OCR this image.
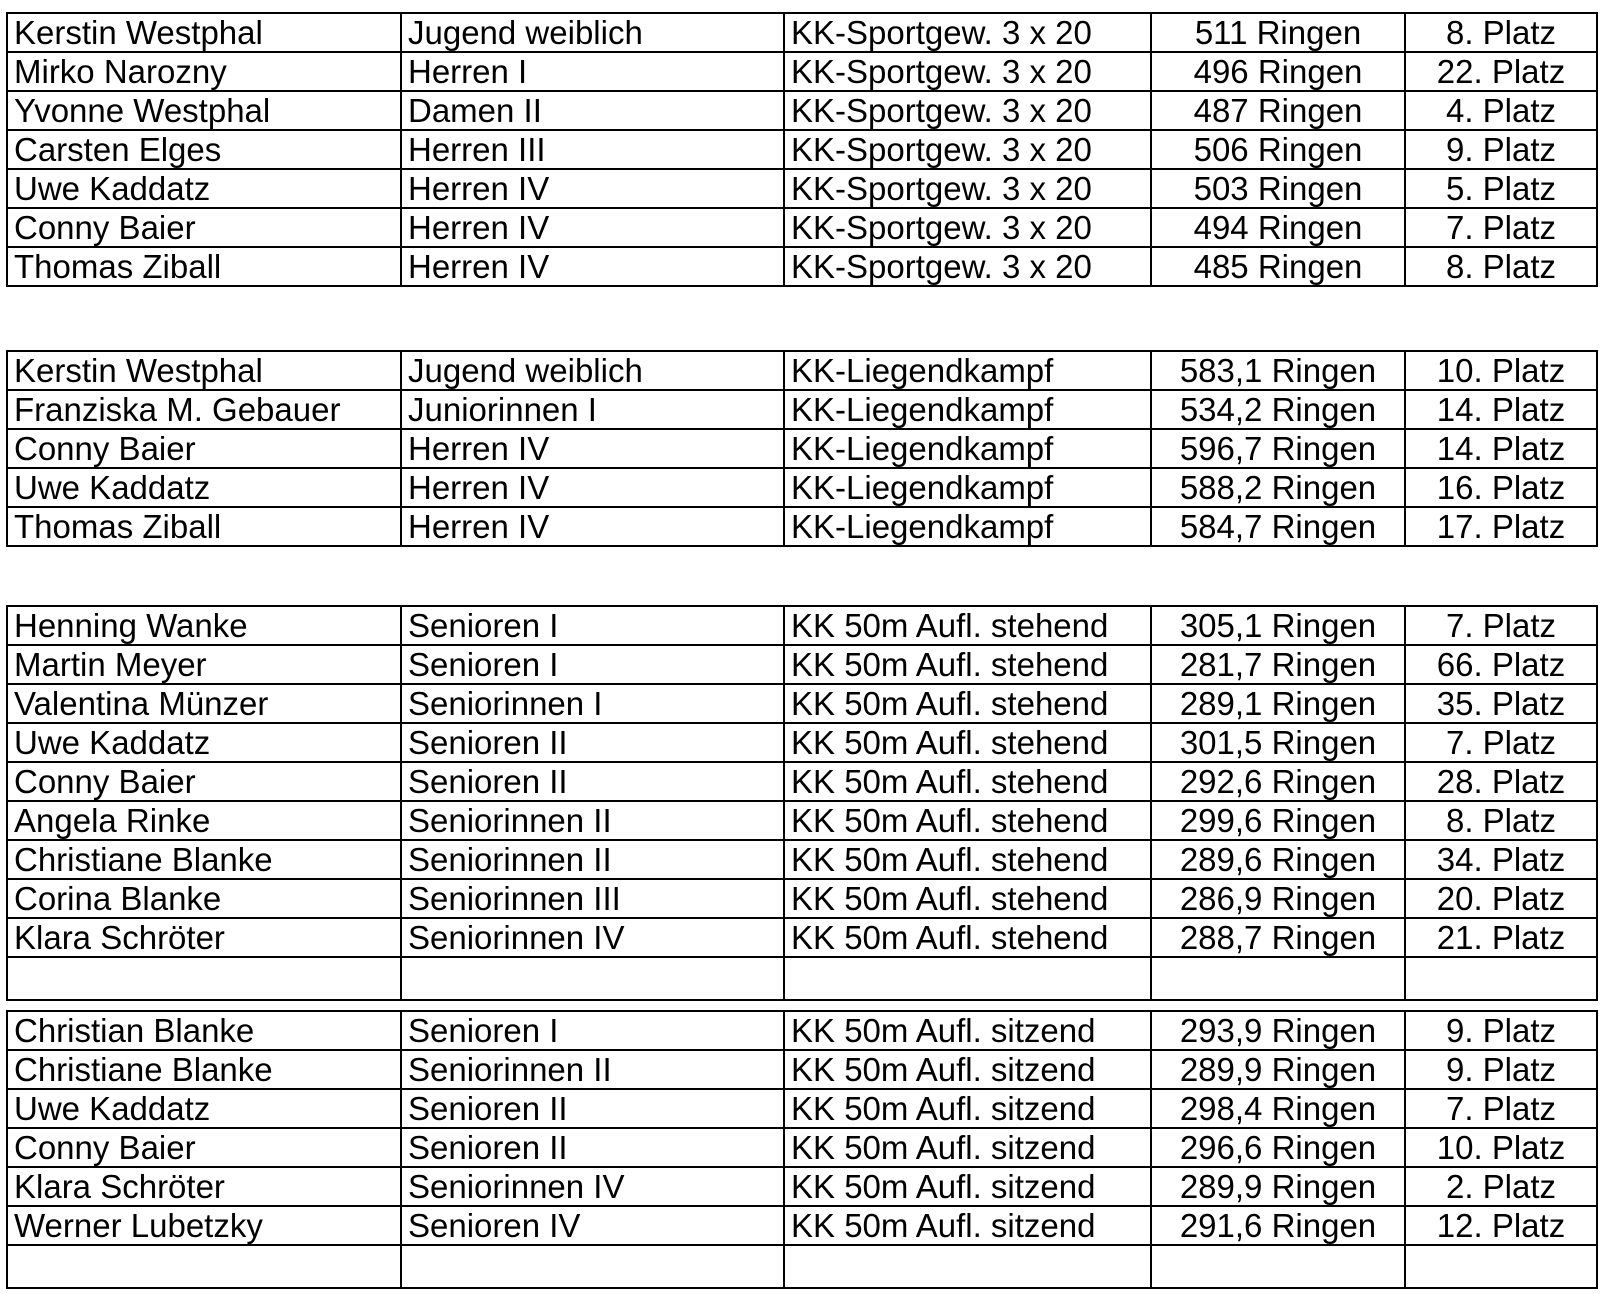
Kerstin Westphal	Jugend weiblich	KK-Sportgew. 3 x 20	511 Ringen	8. Platz
Mirko Narozny	Herren I	KK-Sportgew. 3 x 20	496 Ringen	22. Platz
Yvonne Westphal	Damen II	KK-Sportgew. 3 x 20	487 Ringen	4. Platz
Carsten Elges	Herren III	KK-Sportgew. 3 x 20	506 Ringen	9. Platz
Uwe Kaddatz	Herren IV	KK-Sportgew. 3 x 20	503 Ringen	5. Platz
Conny Baier	Herren IV	KK-Sportgew. 3 x 20	494 Ringen	7. Platz
Thomas Ziball	Herren IV	KK-Sportgew. 3 x 20	485 Ringen	8. Platz
Kerstin Westphal	Jugend weiblich	KK-Liegendkampf	583,1 Ringen	10. Platz
Franziska M. Gebauer	Juniorinnen I	KK-Liegendkampf	534,2 Ringen	14. Platz
Conny Baier	Herren IV	KK-Liegendkampf	596,7 Ringen	14. Platz
Uwe Kaddatz	Herren IV	KK-Liegendkampf	588,2 Ringen	16. Platz
Thomas Ziball	Herren IV	KK-Liegendkampf	584,7 Ringen	17. Platz
Henning Wanke	Senioren I	KK 50m Aufl. stehend	305,1 Ringen	7. Platz
Martin Meyer	Senioren I	KK 50m Aufl. stehend	281,7 Ringen	66. Platz
Valentina Münzer	Seniorinnen I	KK 50m Aufl. stehend	289,1 Ringen	35. Platz
Uwe Kaddatz	Senioren II	KK 50m Aufl. stehend	301,5 Ringen	7. Platz
Conny Baier	Senioren II	KK 50m Aufl. stehend	292,6 Ringen	28. Platz
Angela Rinke	Seniorinnen II	KK 50m Aufl. stehend	299,6 Ringen	8. Platz
Christiane Blanke	Seniorinnen II	KK 50m Aufl. stehend	289,6 Ringen	34. Platz
Corina Blanke	Seniorinnen III	KK 50m Aufl. stehend	286,9 Ringen	20. Platz
Klara Schröter	Seniorinnen IV	KK 50m Aufl. stehend	288,7 Ringen	21. Platz

Christian Blanke	Senioren I	KK 50m Aufl. sitzend	293,9 Ringen	9. Platz
Christiane Blanke	Seniorinnen II	KK 50m Aufl. sitzend	289,9 Ringen	9. Platz
Uwe Kaddatz	Senioren II	KK 50m Aufl. sitzend	298,4 Ringen	7. Platz
Conny Baier	Senioren II	KK 50m Aufl. sitzend	296,6 Ringen	10. Platz
Klara Schröter	Seniorinnen IV	KK 50m Aufl. sitzend	289,9 Ringen	2. Platz
Werner Lubetzky	Senioren IV	KK 50m Aufl. sitzend	291,6 Ringen	12. Platz
